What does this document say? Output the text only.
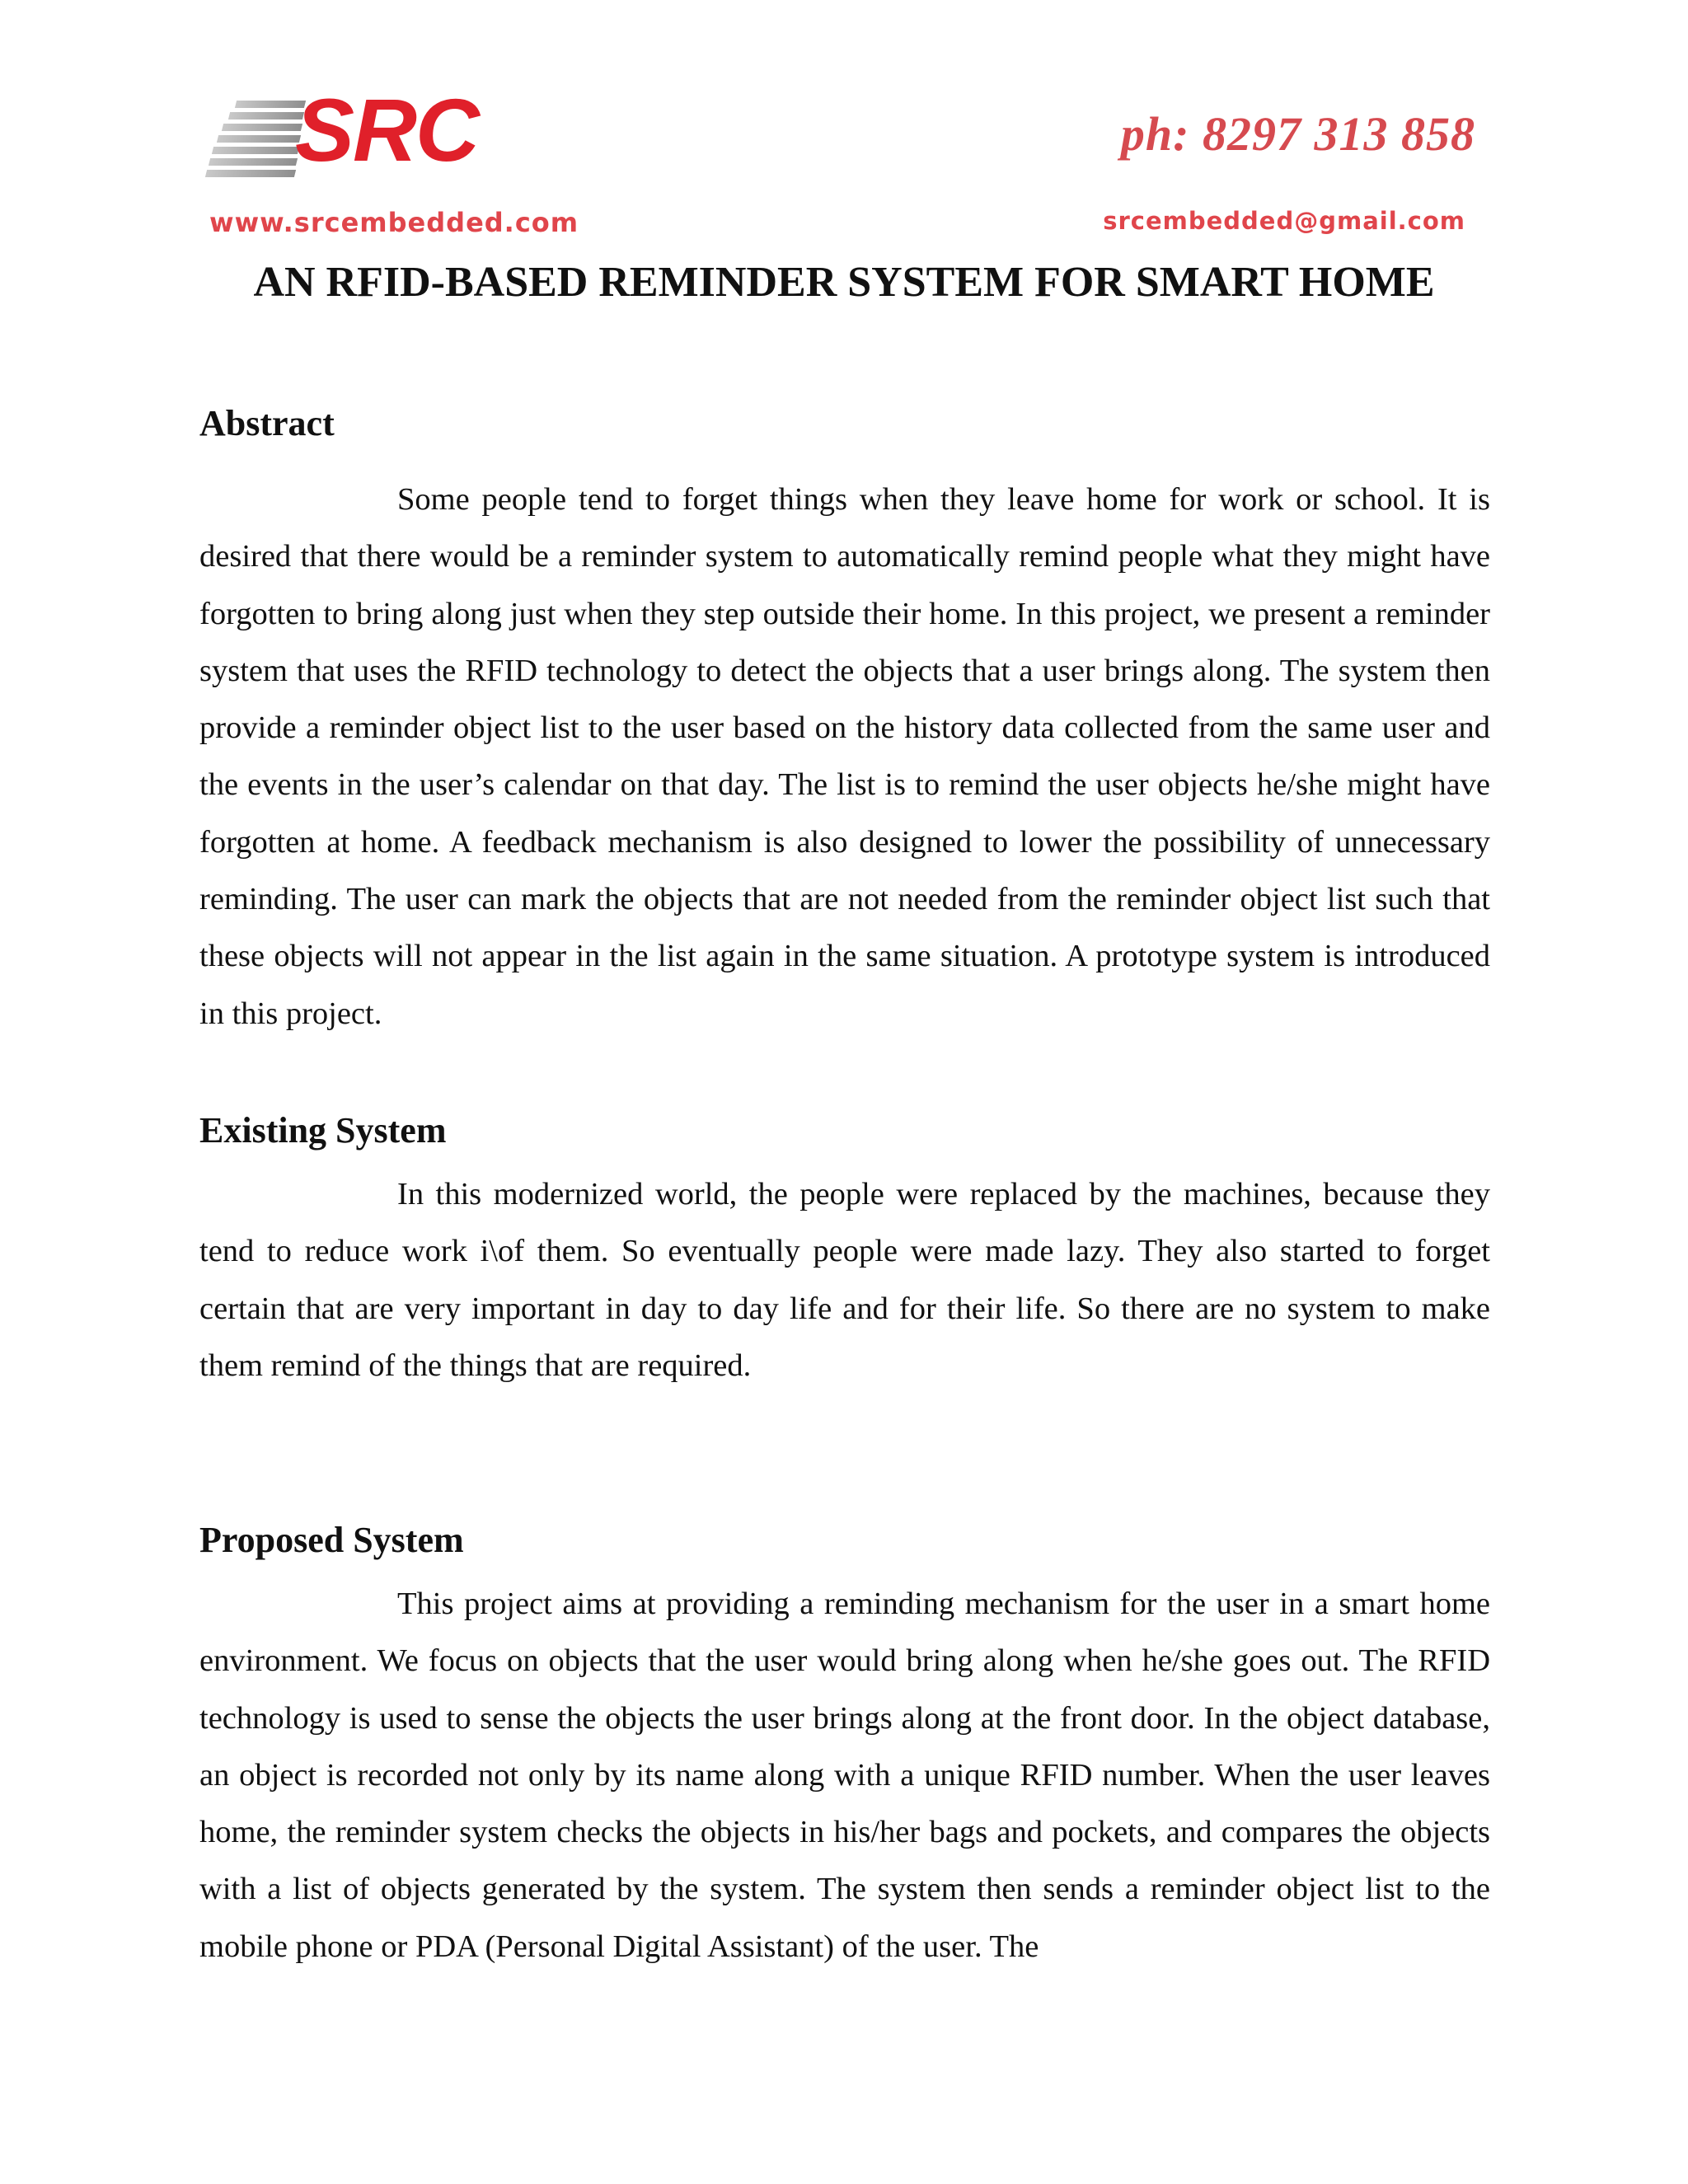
SRC	ph: 8297 313 858
www.srcembedded.com	srcembedded@gmail.com
AN RFID-BASED REMINDER SYSTEM FOR SMART HOME
Abstract

Some people tend to forget things when they leave home for work or school. It is desired that there would be a reminder system to automatically remind people what they might have forgotten to bring along just when they step outside their home. In this project, we present a reminder system that uses the RFID technology to detect the objects that a user brings along. The system then provide a reminder object list to the user based on the history data collected from the same user and the events in the user’s calendar on that day. The list is to remind the user objects he/she might have forgotten at home. A feedback mechanism is also designed to lower the possibility of unnecessary reminding. The user can mark the objects that are not needed from the reminder object list such that these objects will not appear in the list again in the same situation. A prototype system is introduced in this project.

Existing System

In this modernized world, the people were replaced by the machines, because they tend to reduce work i\of them. So eventually people were made lazy. They also started to forget certain that are very important in day to day life and for their life. So there are no system to make them remind of the things that are required.

Proposed System

This project aims at providing a reminding mechanism for the user in a smart home environment. We focus on objects that the user would bring along when he/she goes out. The RFID technology is used to sense the objects the user brings along at the front door. In the object database, an object is recorded not only by its name along with a unique RFID number. When the user leaves home, the reminder system checks the objects in his/her bags and pockets, and compares the objects with a list of objects generated by the system. The system then sends a reminder object list to the mobile phone or PDA (Personal Digital Assistant) of the user. The
